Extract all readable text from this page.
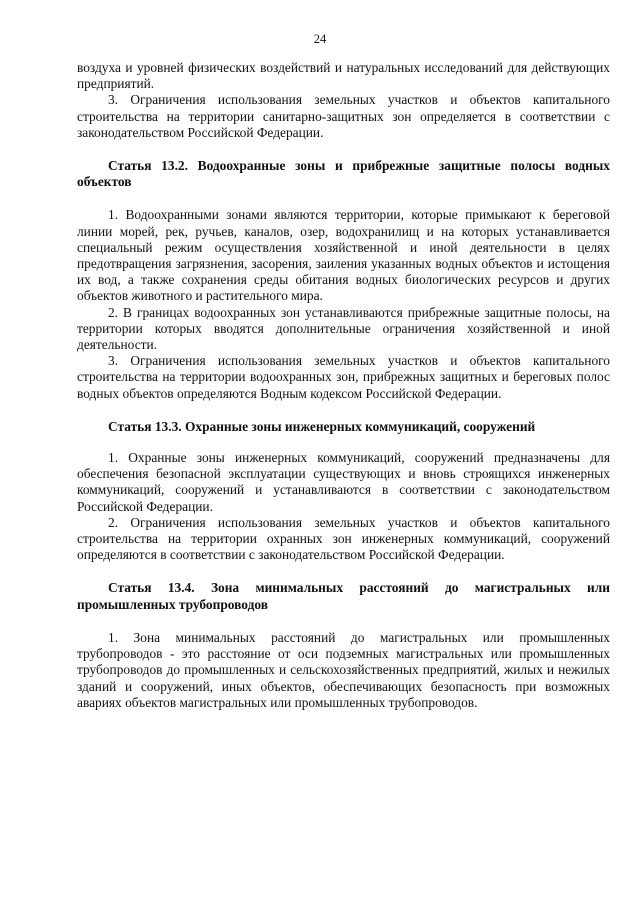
24

воздуха и уровней физических воздействий и натуральных исследований для действующих предприятий.

3. Ограничения использования земельных участков и объектов капитального строительства на территории санитарно-защитных зон определяется в соответствии с законодательством Российской Федерации.

Статья 13.2. Водоохранные зоны и прибрежные защитные полосы водных объектов

1. Водоохранными зонами являются территории, которые примыкают к береговой линии морей, рек, ручьев, каналов, озер, водохранилищ и на которых устанавливается специальный режим осуществления хозяйственной и иной деятельности в целях предотвращения загрязнения, засорения, заиления указанных водных объектов и истощения их вод, а также сохранения среды обитания водных биологических ресурсов и других объектов животного и растительного мира.

2. В границах водоохранных зон устанавливаются прибрежные защитные полосы, на территории которых вводятся дополнительные ограничения хозяйственной и иной деятельности.

3. Ограничения использования земельных участков и объектов капитального строительства на территории водоохранных зон, прибрежных защитных и береговых полос водных объектов определяются Водным кодексом Российской Федерации.

Статья 13.3. Охранные зоны инженерных коммуникаций, сооружений

1. Охранные зоны инженерных коммуникаций, сооружений предназначены для обеспечения безопасной эксплуатации существующих и вновь строящихся инженерных коммуникаций, сооружений и устанавливаются в соответствии с законодательством Российской Федерации.

2. Ограничения использования земельных участков и объектов капитального строительства на территории охранных зон инженерных коммуникаций, сооружений определяются в соответствии с законодательством Российской Федерации.

Статья 13.4. Зона минимальных расстояний до магистральных или промышленных трубопроводов

1. Зона минимальных расстояний до магистральных или промышленных трубопроводов - это расстояние от оси подземных магистральных или промышленных трубопроводов до промышленных и сельскохозяйственных предприятий, жилых и нежилых зданий и сооружений, иных объектов, обеспечивающих безопасность при возможных авариях объектов магистральных или промышленных трубопроводов.
